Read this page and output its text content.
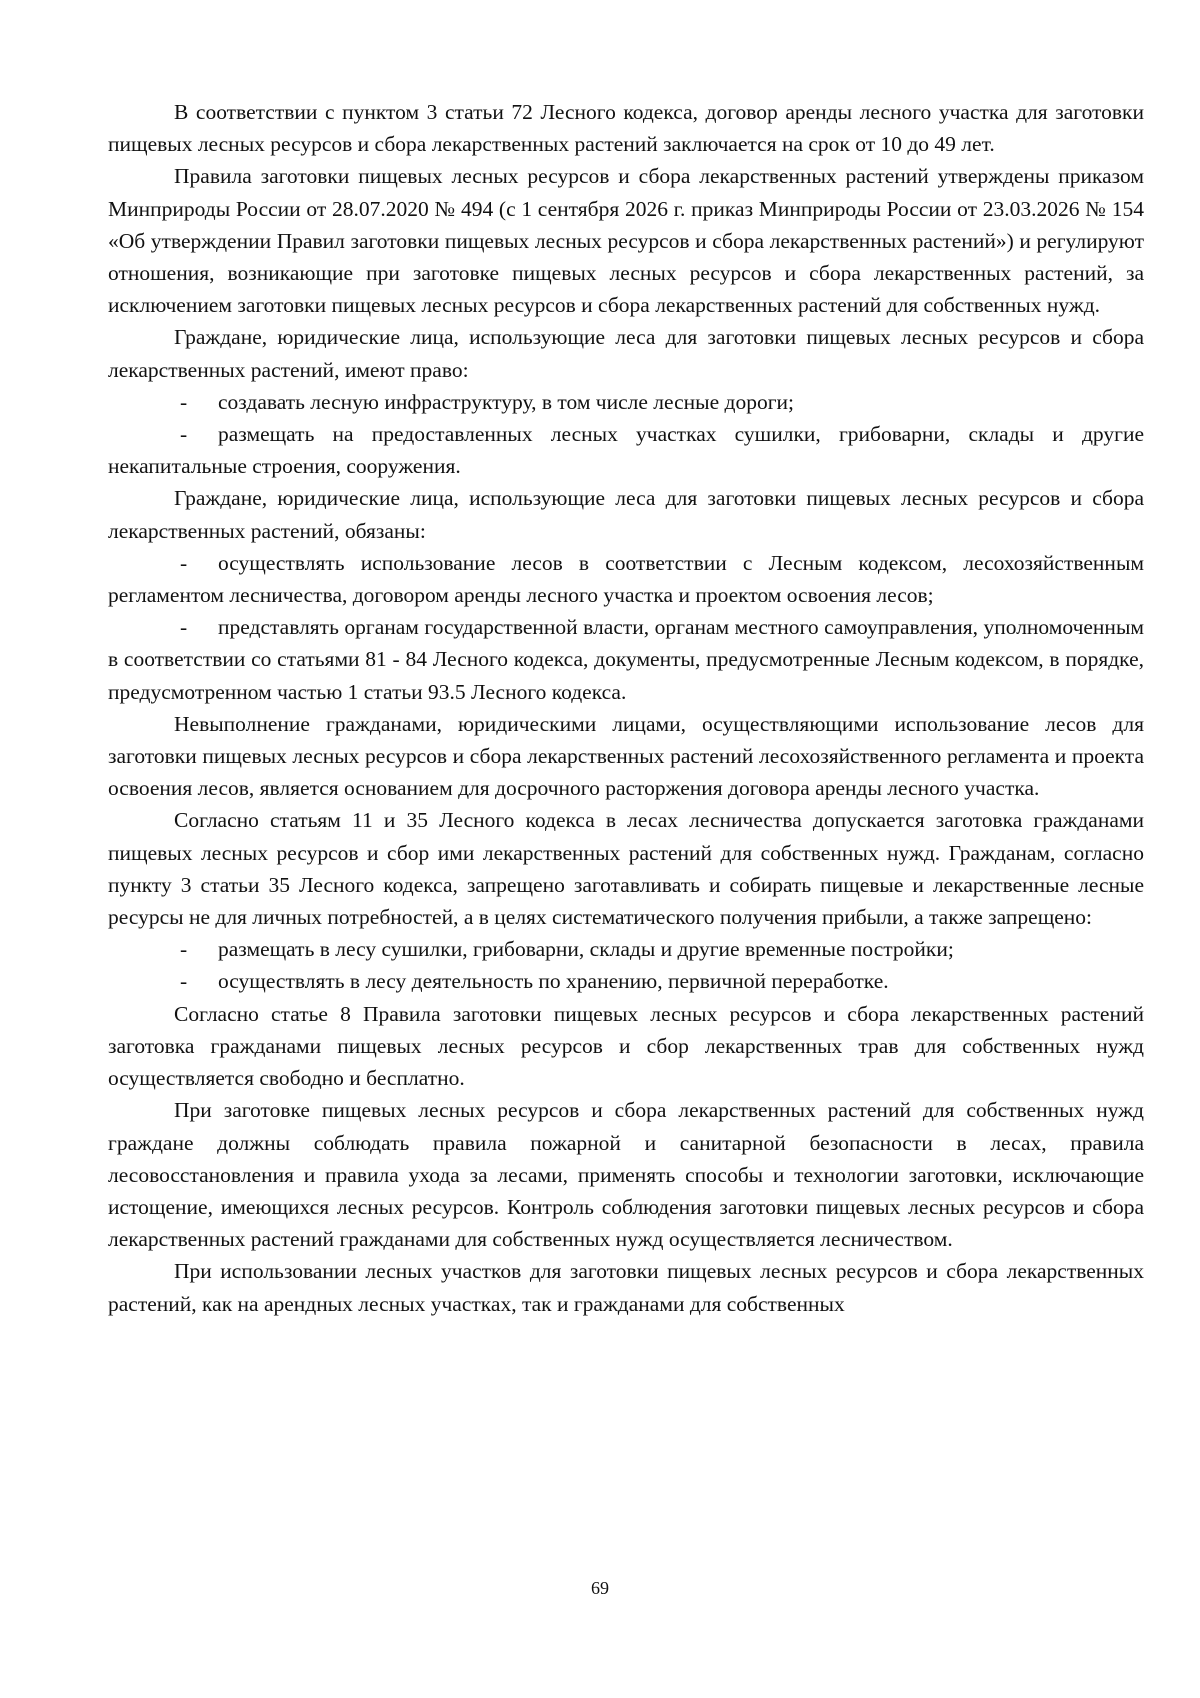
В соответствии с пунктом 3 статьи 72 Лесного кодекса, договор аренды лесного участка для заготовки пищевых лесных ресурсов и сбора лекарственных растений заключается на срок от 10 до 49 лет.

Правила заготовки пищевых лесных ресурсов и сбора лекарственных растений утверждены приказом Минприроды России от 28.07.2020 № 494 (с 1 сентября 2026 г. приказ Минприроды России от 23.03.2026 № 154 «Об утверждении Правил заготовки пищевых лесных ресурсов и сбора лекарственных растений») и регулируют отношения, возникающие при заготовке пищевых лесных ресурсов и сбора лекарственных растений, за исключением заготовки пищевых лесных ресурсов и сбора лекарственных растений для собственных нужд.

Граждане, юридические лица, использующие леса для заготовки пищевых лесных ресурсов и сбора лекарственных растений, имеют право:

- создавать лесную инфраструктуру, в том числе лесные дороги;

- размещать на предоставленных лесных участках сушилки, грибоварни, склады и другие некапитальные строения, сооружения.

Граждане, юридические лица, использующие леса для заготовки пищевых лесных ресурсов и сбора лекарственных растений, обязаны:

- осуществлять использование лесов в соответствии с Лесным кодексом, лесохозяйственным регламентом лесничества, договором аренды лесного участка и проектом освоения лесов;

- представлять органам государственной власти, органам местного самоуправления, уполномоченным в соответствии со статьями 81 - 84 Лесного кодекса, документы, предусмотренные Лесным кодексом, в порядке, предусмотренном частью 1 статьи 93.5 Лесного кодекса.

Невыполнение гражданами, юридическими лицами, осуществляющими использование лесов для заготовки пищевых лесных ресурсов и сбора лекарственных растений лесохозяйственного регламента и проекта освоения лесов, является основанием для досрочного расторжения договора аренды лесного участка.

Согласно статьям 11 и 35 Лесного кодекса в лесах лесничества допускается заготовка гражданами пищевых лесных ресурсов и сбор ими лекарственных растений для собственных нужд. Гражданам, согласно пункту 3 статьи 35 Лесного кодекса, запрещено заготавливать и собирать пищевые и лекарственные лесные ресурсы не для личных потребностей, а в целях систематического получения прибыли, а также запрещено:

- размещать в лесу сушилки, грибоварни, склады и другие временные постройки;

- осуществлять в лесу деятельность по хранению, первичной переработке.

Согласно статье 8 Правила заготовки пищевых лесных ресурсов и сбора лекарственных растений заготовка гражданами пищевых лесных ресурсов и сбор лекарственных трав для собственных нужд осуществляется свободно и бесплатно.

При заготовке пищевых лесных ресурсов и сбора лекарственных растений для собственных нужд граждане должны соблюдать правила пожарной и санитарной безопасности в лесах, правила лесовосстановления и правила ухода за лесами, применять способы и технологии заготовки, исключающие истощение, имеющихся лесных ресурсов. Контроль соблюдения заготовки пищевых лесных ресурсов и сбора лекарственных растений гражданами для собственных нужд осуществляется лесничеством.

При использовании лесных участков для заготовки пищевых лесных ресурсов и сбора лекарственных растений, как на арендных лесных участках, так и гражданами для собственных

69
